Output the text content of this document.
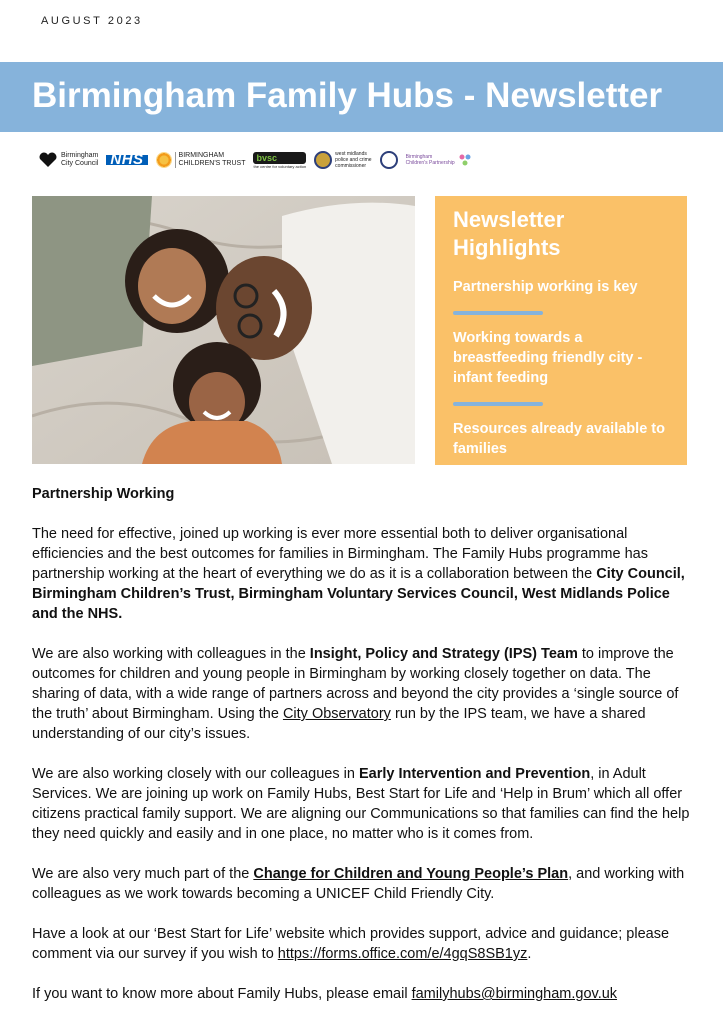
AUGUST 2023
Birmingham Family Hubs - Newsletter
Birmingham
City Council NHS	BIRMINGHAM
CHILDREN'S TRUST
bvsc
the centre for voluntary action
west midlands
police and crime
commissioner
Birmingham
Children's Partnership
Newsletter Highlights
Partnership working is key
Working towards a breastfeeding friendly city - infant feeding
Resources already available to families

Partnership Working

The need for effective, joined up working is ever more essential both to deliver organisational efficiencies and the best outcomes for families in Birmingham. The Family Hubs programme has partnership working at the heart of everything we do as it is a collaboration between the City Council, Birmingham Children’s Trust, Birmingham Voluntary Services Council, West Midlands Police and the NHS.

We are also working with colleagues in the Insight, Policy and Strategy (IPS) Team to improve the outcomes for children and young people in Birmingham by working closely together on data. The sharing of data, with a wide range of partners across and beyond the city provides a ‘single source of the truth’ about Birmingham. Using the City Observatory run by the IPS team, we have a shared understanding of our city’s issues.

We are also working closely with our colleagues in Early Intervention and Prevention, in Adult Services. We are joining up work on Family Hubs, Best Start for Life and ‘Help in Brum’ which all offer citizens practical family support. We are aligning our Communications so that families can find the help they need quickly and easily and in one place, no matter who is it comes from.

We are also very much part of the Change for Children and Young People’s Plan, and working with colleagues as we work towards becoming a UNICEF Child Friendly City.

Have a look at our ‘Best Start for Life’ website which provides support, advice and guidance; please comment via our survey if you wish to https://forms.office.com/e/4gqS8SB1yz.

If you want to know more about Family Hubs, please email familyhubs@birmingham.gov.uk
